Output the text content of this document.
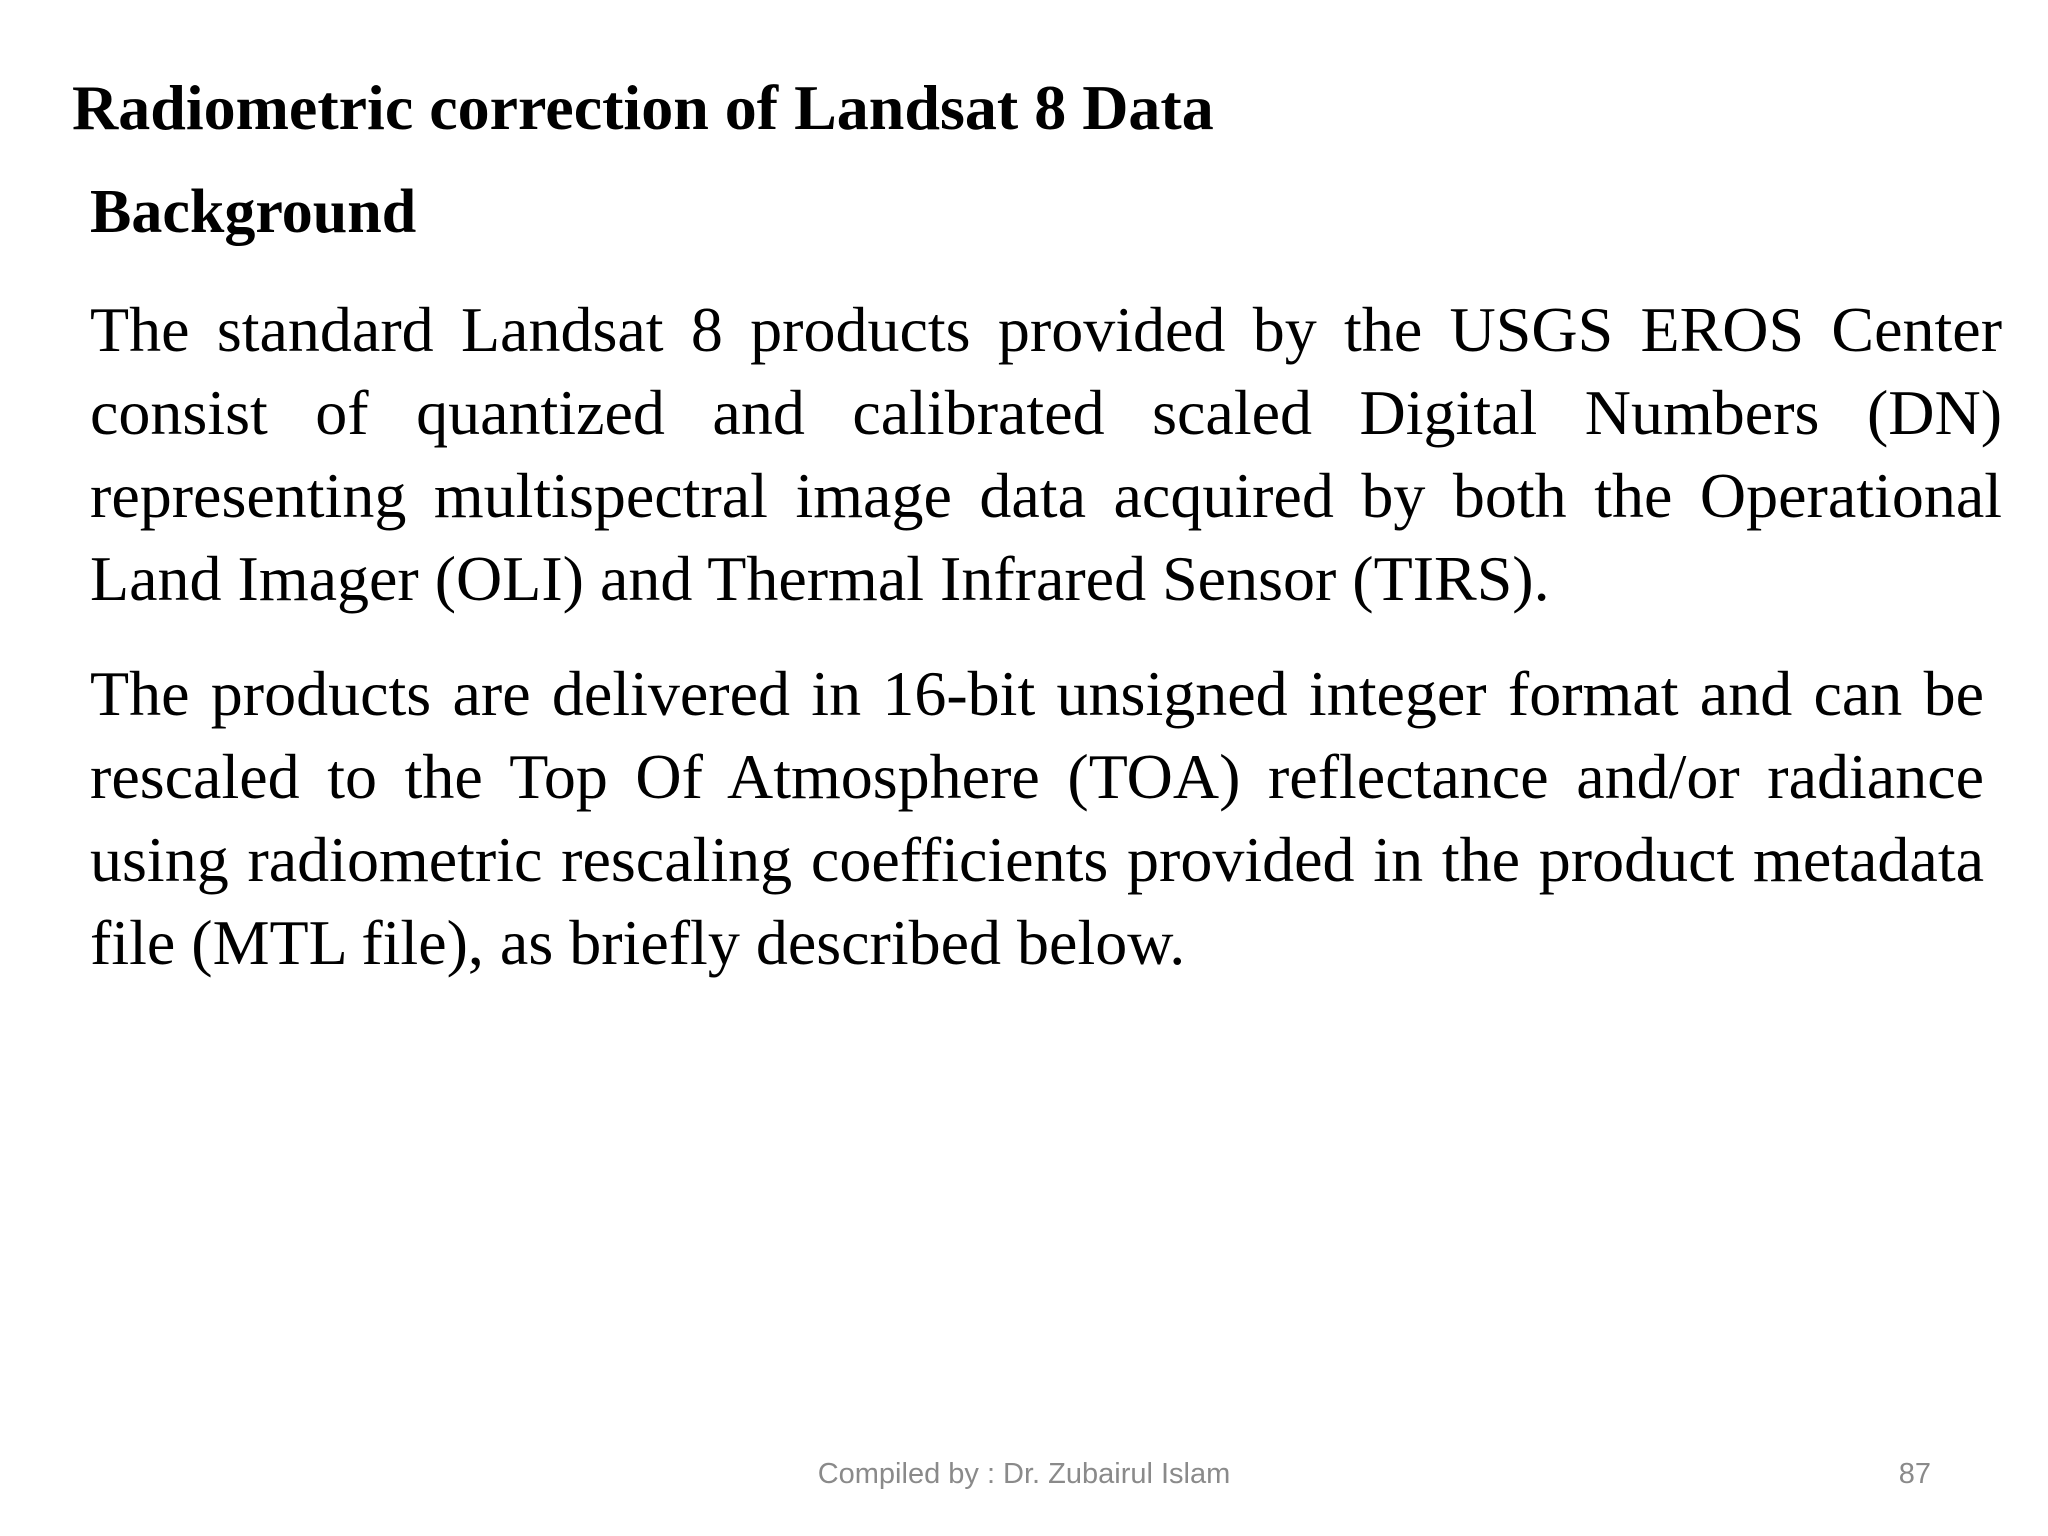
Radiometric correction of Landsat 8 Data
Background

The standard Landsat 8 products provided by the USGS EROS Center consist of quantized and calibrated scaled Digital Numbers (DN) representing multispectral image data acquired by both the Operational Land Imager (OLI) and Thermal Infrared Sensor (TIRS).

The products are delivered in 16-bit unsigned integer format and can be rescaled to the Top Of Atmosphere (TOA) reflectance and/or radiance using radiometric rescaling coefficients provided in the product metadata file (MTL file), as briefly described below.

Compiled by : Dr. Zubairul Islam	87
